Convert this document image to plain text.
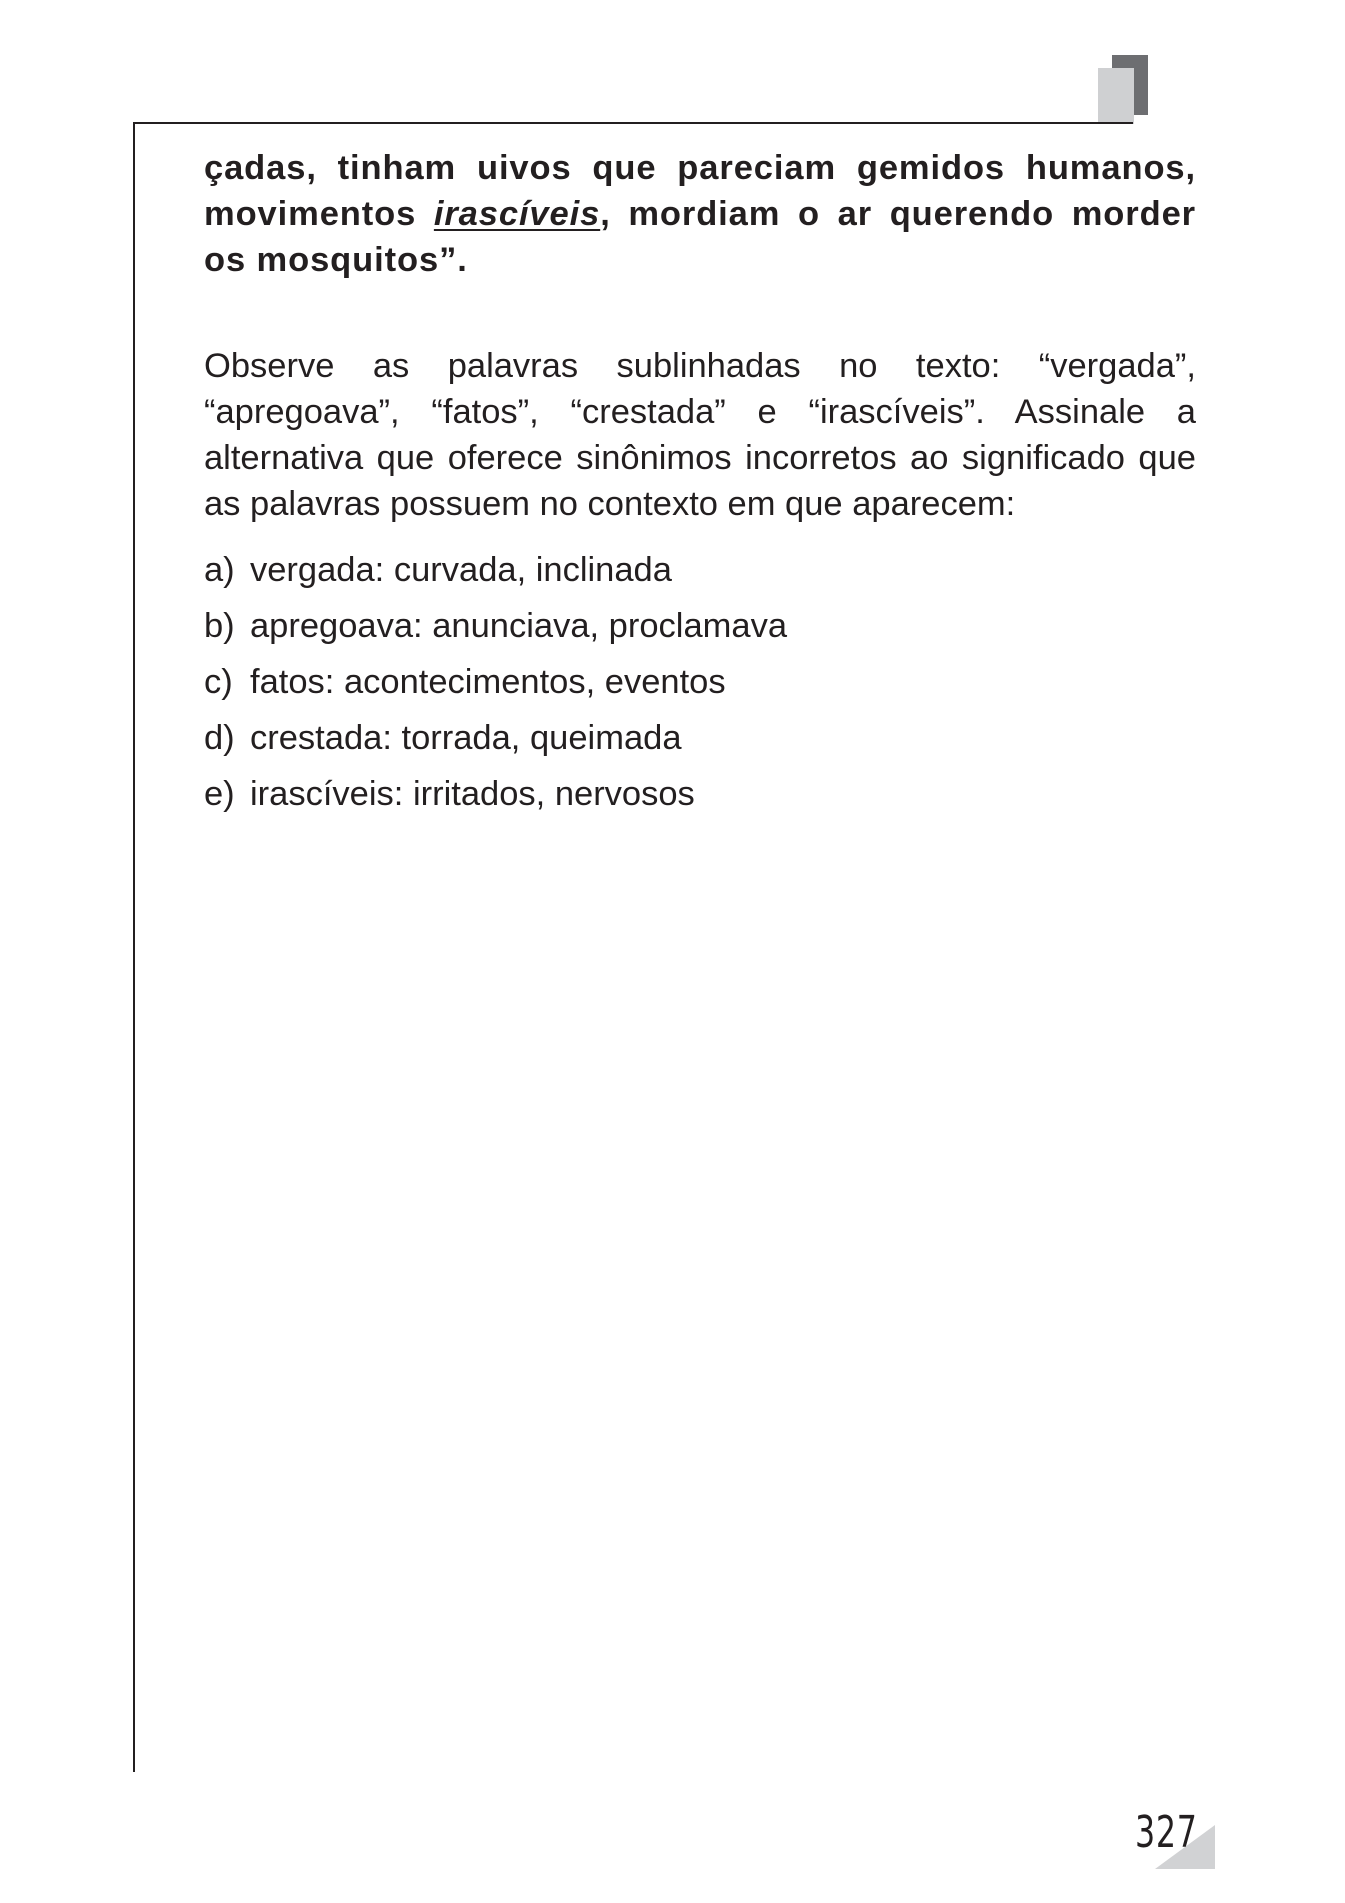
çadas, tinham uivos que pareciam gemidos humanos, movimentos irascíveis, mordiam o ar querendo morder os mosquitos”.

Observe as palavras sublinhadas no texto: “vergada”, “apregoava”, “fatos”, “crestada” e “irascíveis”. Assinale a alternativa que oferece sinônimos incorretos ao significado que as palavras possuem no contexto em que aparecem:

a) vergada: curvada, inclinada
b) apregoava: anunciava, proclamava
c) fatos: acontecimentos, eventos
d) crestada: torrada, queimada
e) irascíveis: irritados, nervosos
327
